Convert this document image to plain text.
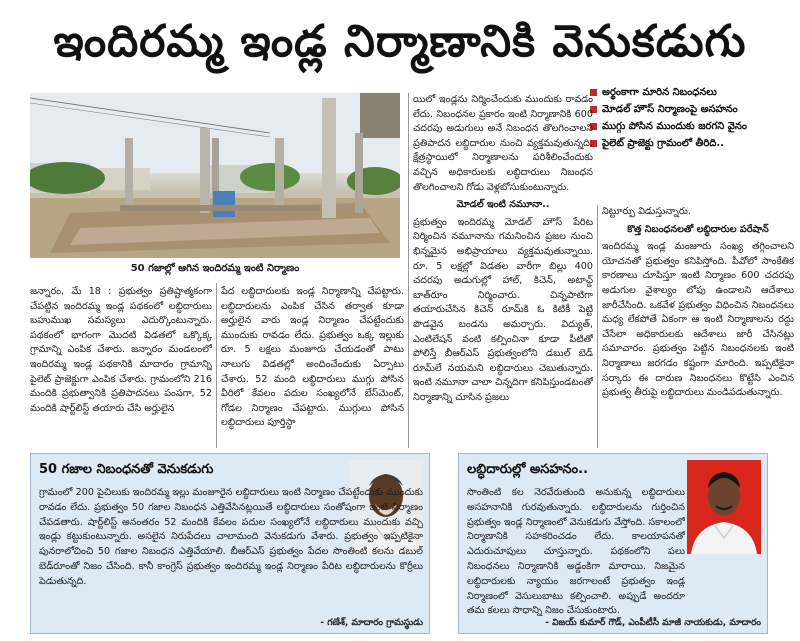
ఇందిరమ్మ ఇండ్ల నిర్మాణానికి వెనుకడుగు
50 గజాల్లో ఆగిన ఇందిరమ్మ ఇంటి నిర్మాణం
అర్థంకాగా మారిన నిబంధనలు
మోడల్ హౌస్ నిర్మాణంపై అసహనం
ముగ్గు పోసిన ముందుకు జరగని వైనం
పైలెట్ ప్రాజెక్టు గ్రామంలో తీరిది..

జన్నారం, మే 18 : ప్రభుత్వం ప్రతిష్టాత్మకంగా చేపట్టిన ఇందిరమ్మ ఇండ్ల పథకంలో లబ్ధిదారులు బహుముఖ సమస్యలు ఎదుర్కొంటున్నారు. పథకంలో భాగంగా మొదటి విడతలో ఒక్కొక్క గ్రామాన్ని ఎంపిక చేశారు. జన్నారం మండలంలో ఇందిరమ్మ ఇండ్ల పథకానికి మాదారం గ్రామాన్ని పైలెట్ ప్రాజెక్టుగా ఎంపిక చేశారు. గ్రామంలోని 216 మందికి ప్రభుత్వానికి ప్రతిపాదనలు పంపగా, 52 మందికి షార్ట్‌లిస్ట్ తయారు చేసి అర్హులైన

పేద లబ్ధిదారులకు ఇండ్ల నిర్మాణాన్ని చేపట్టారు. లబ్ధిదారులను ఎంపిక చేసిన తర్వాత కూడా అర్హులైన వారు ఇండ్ల నిర్మాణం చేపట్టేందుకు ముందుకు రావడం లేదు. ప్రభుత్వం ఒక్క ఇల్లుకు రూ. 5 లక్షలు మంజూరు చేయడంతో పాటు నాలుగు విడతల్లో అందించేందుకు ఏర్పాటు చేశారు. 52 మంది లబ్ధిదారులు ముగ్గు పోసిన వీరిలో కేవలం పదుల సంఖ్యలోనే బేస్‌మెంట్, గోడల నిర్మాణం చేపట్టారు. ముగ్గులు పోసిన లబ్ధిదారులు పూర్తిస్థా

యిలో ఇండ్లను నిర్మించేందుకు ముందుకు రావడం లేదు. నిబంధనల ప్రకారం ఇంటి నిర్మాణానికి 600 చదరపు అడుగులు అనే నిబంధన తొలగించాలని ప్రతిపాదన లబ్ధిదారుల నుంచి వ్యక్తమవుతున్నది. క్షేత్రస్థాయిలో నిర్మాణాలను పరిశీలించేందుకు వచ్చిన అధికారులకు లబ్ధిదారులు నిబంధన తొలగించాలని గోడు వెళ్లబోసుకుంటున్నారు.

మోడల్ ఇంటి నమూనా..

ప్రభుత్వం ఇందిరమ్మ మోడల్ హౌస్ పేరిట నిర్మించిన నమూనాను గమనించిన ప్రజల నుంచి భిన్నమైన అభిప్రాయాలు వ్యక్తమవుతున్నాయి. రూ. 5 లక్షల్లో విడతల వారీగా బిల్లు 400 చదరపు అడుగుల్లో హాల్, కిచెన్, అటాచ్డ్ బాత్‌రూం నిర్మించారు. చిన్నపాటిగా తయారుచేసిన కిచెన్ రూమ్‌కి ఓ కిటికీ పెట్టి పొడవైన బండను అమర్చారు. విద్యుత్, ఎంటిలేషన్ వంటి కల్పించినా కూడా పీటితో పోలిస్తే బీఆర్ఎస్ ప్రభుత్వంలోని డబుల్ బెడ్ రూమ్‌లే నయమని లబ్ధిదారులు చెబుతున్నారు. ఇంటి నమూనా చాలా చిన్నదిగా కనిపిస్తుండటంతో నిర్మాణాన్ని చూసిన ప్రజలు

నిట్టూర్పు విడుస్తున్నారు.

కొత్త నిబంధనలతో లబ్ధిదారుల పరేషాన్

ఇందిరమ్మ ఇండ్ల మంజూరు సంఖ్య తగ్గించాలని యోచనతో ప్రభుత్వం కనిపిస్తోంది. పీవోలో సాంకేతిక కారణాలు చూపిస్తూ ఇంటి నిర్మాణం 600 చదరపు అడుగుల వైశాల్యం లోపు ఉండాలని ఆదేశాలు జారీచేసింది. ఒకవేళ ప్రభుత్వం విధించిన నిబంధనలు మధ్య లేకపోతే ఏకంగా ఆ ఇంటి నిర్మాణాలను రద్దు చేసేలా అధికారులకు ఆదేశాలు జారీ చేసినట్లు సమాచారం. ప్రభుత్వం పెట్టిన నిబంధనలకు ఇంటి నిర్మాణాలు జరగడం కష్టంగా మారింది. ఇప్పటికైనా సర్కారు ఈ దారుణ నిబంధనలు కొట్టేసి ఎంచిన ప్రభుత్వ తీరుపై లబ్ధిదారులు మండిపడుతున్నారు.

50 గజాల నిబంధనతో వెనుకడుగు
గ్రామంలో 200 పైచిలుకు ఇందిరమ్మ ఇల్లు మంజూరైన లబ్ధిదారులు ఇంటి నిర్మాణం చేపట్టేందుకు ముందుకు రావడం లేదు. ప్రభుత్వం 50 గజాల నిబంధన ఎత్తివేసినట్లయితే లబ్ధిదారులు సంతోషంగా ఇంటి నిర్మాణం చేపడతారు. షార్ట్‌లిస్ట్ అనంతరం 52 మందికి కేవలం పదుల సంఖ్యలోనే లబ్ధిదారులు ముందుకు వచ్చి ఇండ్లు కట్టుకుంటున్నారు. అసలైన నిరుపేదలు చాలామంది వెనుకడుగు వేశారు. ప్రభుత్వం ఇప్పటికైనా పునరాలోచించి 50 గజాల నిబంధన ఎత్తివేయాలి. బీఆర్ఎస్ ప్రభుత్వం పేదల సొంతింటి కలను డబుల్ బెడ్‌రూంతో నిజం చేసింది. కానీ కాంగ్రెస్ ప్రభుత్వం ఇందిరమ్మ ఇండ్ల నిర్మాణం పేరిట లబ్ధిదారులను కొర్రీలు పెడుతున్నది.
- గణేశ్, మాదారం గ్రామస్థుడు
లబ్ధిదారుల్లో అసహనం..
సొంతింటి కల నెరవేరుతుంది అనుకున్న లబ్ధిదారులు అసహనానికి గురవుతున్నారు. లబ్ధిదారులను గుర్తించిన ప్రభుత్వం ఇండ్ల నిర్మాణంలో వెనుకడుగు వేస్తోంది. సకాలంలో నిర్మాణానికి సహకరించడం లేదు. కాలయాపనతో ఎదురుచూపులు చూస్తున్నారు. పథకంలోని పలు నిబంధనలు నిర్మాణానికి అడ్డంకిగా మారాయి. నిజమైన లబ్ధిదారులకు న్యాయం జరగాలంటే ప్రభుత్వం ఇండ్ల నిర్మాణంలో వెసులుబాటు కల్పించాలి. అప్పుడే అందరూ తమ కలలు సొధాన్ని నిజం చేసుకుంటారు.
- విజయ్ కుమార్ గౌడ్, ఎంపీటీసీ మాజీ నాయకుడు, మాదారం
